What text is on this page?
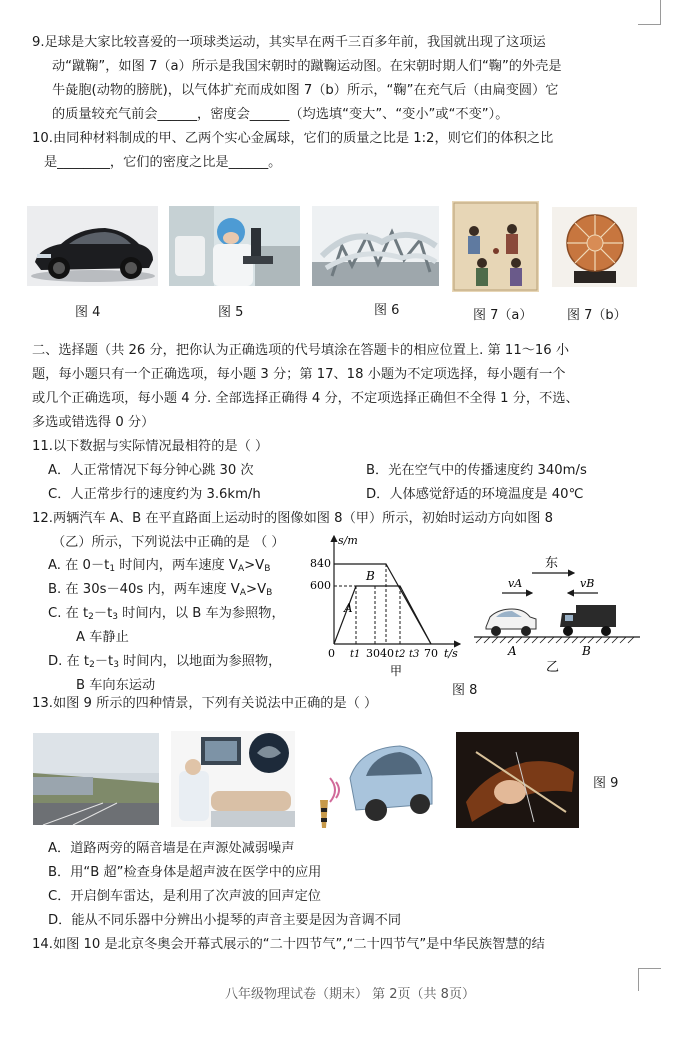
9.足球是大家比较喜爱的一项球类运动，其实早在两千三百多年前，我国就出现了这项运
动“蹴鞠”，如图 7（a）所示是我国宋朝时的蹴鞠运动图。在宋朝时期人们“鞠”的外壳是
牛彘胞(动物的膀胱)，以气体扩充而成如图 7（b）所示，“鞠”在充气后（由扁变圆）它
的质量较充气前会______，密度会______（均选填“变大”、“变小”或“不变”）。
10.由同种材料制成的甲、乙两个实心金属球，它们的质量之比是 1:2，则它们的体积之比
是________，它们的密度之比是______。
图 4	图 5	图 6	图 7（a）	图 7（b）
二、选择题（共 26 分，把你认为正确选项的代号填涂在答题卡的相应位置上. 第 11～16 小
题，每小题只有一个正确选项，每小题 3 分；第 17、18 小题为不定项选择，每小题有一个
或几个正确选项，每小题 4 分. 全部选择正确得 4 分，不定项选择正确但不全得 1 分，不选、
多选或错选得 0 分）
11.以下数据与实际情况最相符的是（ ）
A．人正常情况下每分钟心跳 30 次	B．光在空气中的传播速度约 340m/s
C．人正常步行的速度约为 3.6km/h	D．人体感觉舒适的环境温度是 40℃
12.两辆汽车 A、B 在平直路面上运动时的图像如图 8（甲）所示，初始时运动方向如图 8
（乙）所示，下列说法中正确的是 （ ）
A. 在 $0-t_1$ 时间内，两车速度 $V_A>V_B$
B. 在 30s－40s 内，两车速度 $V_A>V_B$
C. 在 $t_2-t_3$ 时间内，以 B 车为参照物，
A 车静止
D. 在 $t_2-t_3$ 时间内，以地面为参照物，
B 车向东运动
s/m
840
600
A
B
0 t1 30 40 t2 t3 70 t/s
甲
东
vA	vB
A	B
乙
图 8
13.如图 9 所示的四种情景，下列有关说法中正确的是（ ）
图 9
A．道路两旁的隔音墙是在声源处减弱噪声
B．用“B 超”检查身体是超声波在医学中的应用
C．开启倒车雷达，是利用了次声波的回声定位
D．能从不同乐器中分辨出小提琴的声音主要是因为音调不同
14.如图 10 是北京冬奥会开幕式展示的“二十四节气”,“二十四节气”是中华民族智慧的结
八年级物理试卷（期末） 第 2页（共 8页）
